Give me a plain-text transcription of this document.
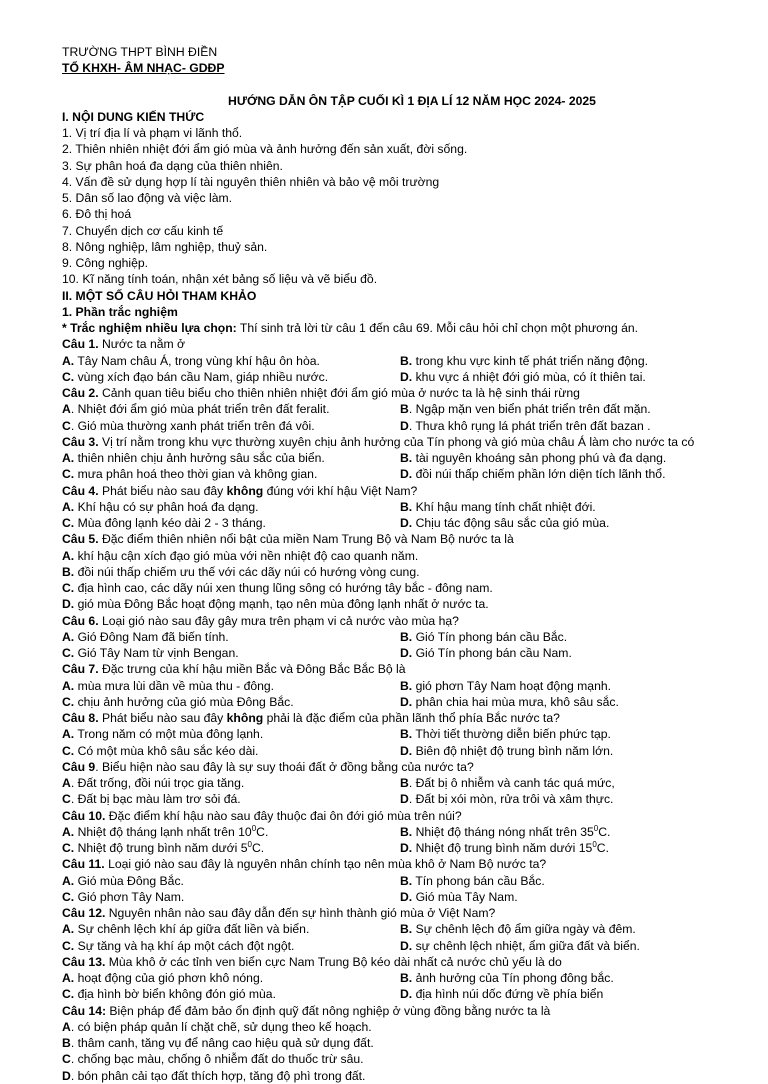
TRƯỜNG THPT BÌNH ĐIỀN
TỔ KHXH- ÂM NHẠC- GDĐP
HƯỚNG DẪN ÔN TẬP CUỐI KÌ 1 ĐỊA LÍ 12 NĂM HỌC 2024- 2025
I. NỘI DUNG KIẾN THỨC
1. Vị trí địa lí và phạm vi lãnh thổ.
2. Thiên nhiên nhiệt đới ẩm gió mùa và ảnh hưởng đến sản xuất, đời sống.
3. Sự phân hoá đa dạng của thiên nhiên.
4. Vấn đề sử dụng hợp lí tài nguyên thiên nhiên và bảo vệ môi trường
5. Dân số lao động và việc làm.
6. Đô thị hoá
7. Chuyển dịch cơ cấu kinh tế
8. Nông nghiệp, lâm nghiệp, thuỷ sản.
9. Công nghiệp.
10. Kĩ năng tính toán, nhận xét bảng số liệu và vẽ biểu đồ.
II. MỘT SỐ CÂU HỎI THAM KHẢO
1. Phần trắc nghiệm
* Trắc nghiệm nhiều lựa chọn: Thí sinh trả lời từ câu 1 đến câu 69. Mỗi câu hỏi chỉ chọn một phương án.
Câu 1. Nước ta nằm ở
A. Tây Nam châu Á, trong vùng khí hậu ôn hòa.	B. trong khu vực kinh tế phát triển năng động.
C. vùng xích đạo bán cầu Nam, giáp nhiều nước.	D. khu vực á nhiệt đới gió mùa, có ít thiên tai.
Câu 2. Cảnh quan tiêu biểu cho thiên nhiên nhiệt đới ẩm gió mùa ở nước ta là hệ sinh thái rừng
A. Nhiệt đới ẩm gió mùa phát triển trên đất feralit.	B. Ngập mặn ven biển phát triển trên đất mặn.
C. Gió mùa thường xanh phát triển trên đá vôi.	D. Thưa khô rụng lá phát triển trên đất bazan .
Câu 3. Vị trí nằm trong khu vực thường xuyên chịu ảnh hưởng của Tín phong và gió mùa châu Á làm cho nước ta có
A. thiên nhiên chịu ảnh hưởng sâu sắc của biển.	B. tài nguyên khoáng sản phong phú và đa dạng.
C. mưa phân hoá theo thời gian và không gian.	D. đồi núi thấp chiếm phần lớn diện tích lãnh thổ.
Câu 4. Phát biểu nào sau đây không đúng với khí hậu Việt Nam?
A. Khí hậu có sự phân hoá đa dạng.	B. Khí hậu mang tính chất nhiệt đới.
C. Mùa đông lạnh kéo dài 2 - 3 tháng.	D. Chịu tác động sâu sắc của gió mùa.
Câu 5. Đặc điểm thiên nhiên nổi bật của miền Nam Trung Bộ và Nam Bộ nước ta là
A. khí hậu cận xích đạo gió mùa với nền nhiệt độ cao quanh năm.
B. đồi núi thấp chiếm ưu thế với các dãy núi có hướng vòng cung.
C. địa hình cao, các dãy núi xen thung lũng sông có hướng tây bắc - đông nam.
D. gió mùa Đông Bắc hoạt động mạnh, tạo nên mùa đông lạnh nhất ở nước ta.
Câu 6. Loại gió nào sau đây gây mưa trên phạm vi cả nước vào mùa hạ?
A. Gió Đông Nam đã biến tính.	B. Gió Tín phong bán cầu Bắc.
C. Gió Tây Nam từ vịnh Bengan.	D. Gió Tín phong bán cầu Nam.
Câu 7. Đặc trưng của khí hậu miền Bắc và Đông Bắc Bắc Bộ là
A. mùa mưa lùi dần về mùa thu - đông.	B. gió phơn Tây Nam hoạt động mạnh.
C. chịu ảnh hưởng của gió mùa Đông Bắc.	D. phân chia hai mùa mưa, khô sâu sắc.
Câu 8. Phát biểu nào sau đây không phải là đặc điểm của phần lãnh thổ phía Bắc nước ta?
A. Trong năm có một mùa đông lạnh.	B. Thời tiết thường diễn biến phức tạp.
C. Có một mùa khô sâu sắc kéo dài.	D. Biên độ nhiệt độ trung bình năm lớn.
Câu 9. Biểu hiện nào sau đây là sự suy thoái đất ở đồng bằng của nước ta?
A. Đất trống, đồi núi trọc gia tăng.	B. Đất bị ô nhiễm và canh tác quá mức,
C. Đất bị bạc màu làm trơ sỏi đá.	D. Đất bị xói mòn, rửa trôi và xâm thực.
Câu 10. Đặc điểm khí hậu nào sau đây thuộc đai ôn đới gió mùa trên núi?
A. Nhiệt độ tháng lạnh nhất trên $10^0C$.	B. Nhiệt độ tháng nóng nhất trên $35^0C$.
C. Nhiệt độ trung bình năm dưới $5^0C$.	D. Nhiệt độ trung bình năm dưới $15^0C$.
Câu 11. Loại gió nào sau đây là nguyên nhân chính tạo nên mùa khô ở Nam Bộ nước ta?
A. Gió mùa Đông Bắc.	B. Tín phong bán cầu Bắc.
C. Gió phơn Tây Nam.	D. Gió mùa Tây Nam.
Câu 12. Nguyên nhân nào sau đây dẫn đến sự hình thành gió mùa ở Việt Nam?
A. Sự chênh lệch khí áp giữa đất liền và biển.	B. Sự chênh lệch độ ẩm giữa ngày và đêm.
C. Sự tăng và hạ khí áp một cách đột ngột.	D. sự chênh lệch nhiệt, ẩm giữa đất và biển.
Câu 13. Mùa khô ở các tỉnh ven biển cực Nam Trung Bộ kéo dài nhất cả nước chủ yếu là do
A. hoạt động của gió phơn khô nóng.	B. ảnh hưởng của Tín phong đông bắc.
C. địa hình bờ biển không đón gió mùa.	D. địa hình núi dốc đứng về phía biển
Câu 14: Biện pháp để đảm bảo ổn định quỹ đất nông nghiệp ở vùng đồng bằng nước ta là
A. có biện pháp quản lí chặt chẽ, sử dụng theo kế hoạch.
B. thâm canh, tăng vụ để nâng cao hiệu quả sử dụng đất.
C. chống bạc màu, chống ô nhiễm đất do thuốc trừ sâu.
D. bón phân cải tạo đất thích hợp, tăng độ phì trong đất.
